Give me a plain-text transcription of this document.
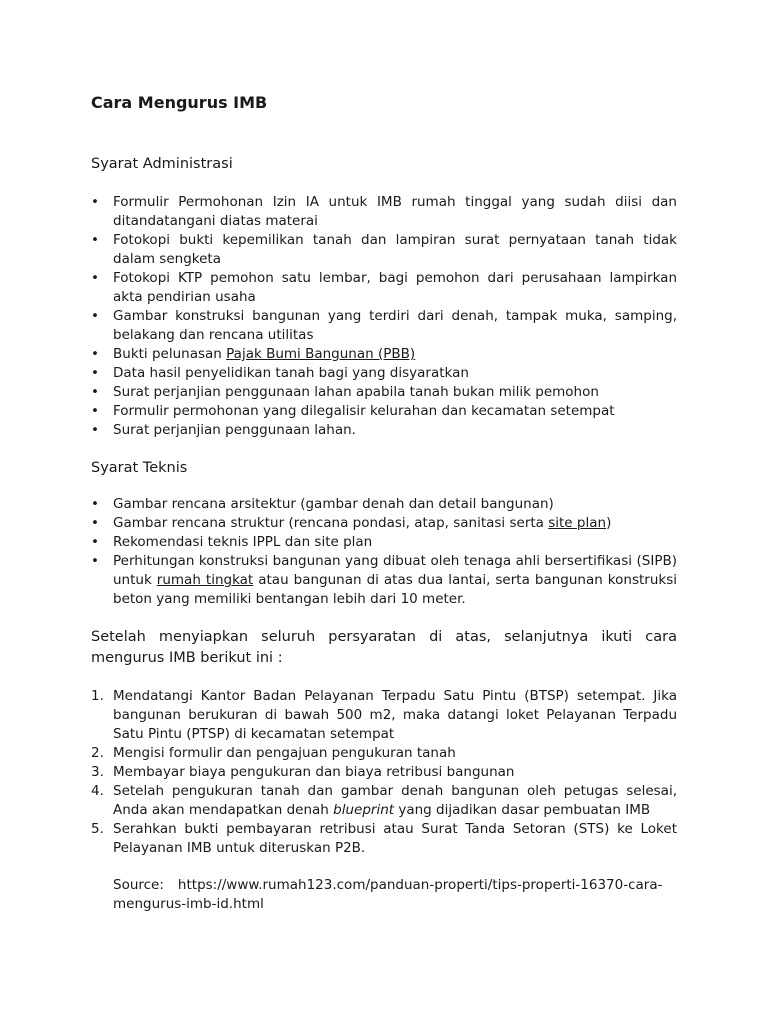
Cara Mengurus IMB
Syarat Administrasi
• Formulir Permohonan Izin IA untuk IMB rumah tinggal yang sudah diisi dan ditandatangani diatas materai
• Fotokopi bukti kepemilikan tanah dan lampiran surat pernyataan tanah tidak dalam sengketa
• Fotokopi KTP pemohon satu lembar, bagi pemohon dari perusahaan lampirkan akta pendirian usaha
• Gambar konstruksi bangunan yang terdiri dari denah, tampak muka, samping, belakang dan rencana utilitas
• Bukti pelunasan Pajak Bumi Bangunan (PBB)
• Data hasil penyelidikan tanah bagi yang disyaratkan
• Surat perjanjian penggunaan lahan apabila tanah bukan milik pemohon
• Formulir permohonan yang dilegalisir kelurahan dan kecamatan setempat
• Surat perjanjian penggunaan lahan.
Syarat Teknis
• Gambar rencana arsitektur (gambar denah dan detail bangunan)
• Gambar rencana struktur (rencana pondasi, atap, sanitasi serta site plan)
• Rekomendasi teknis IPPL dan site plan
• Perhitungan konstruksi bangunan yang dibuat oleh tenaga ahli bersertifikasi (SIPB) untuk rumah tingkat atau bangunan di atas dua lantai, serta bangunan konstruksi beton yang memiliki bentangan lebih dari 10 meter.

Setelah menyiapkan seluruh persyaratan di atas, selanjutnya ikuti cara mengurus IMB berikut ini :

1. Mendatangi Kantor Badan Pelayanan Terpadu Satu Pintu (BTSP) setempat. Jika bangunan berukuran di bawah 500 m2, maka datangi loket Pelayanan Terpadu Satu Pintu (PTSP) di kecamatan setempat
2. Mengisi formulir dan pengajuan pengukuran tanah
3. Membayar biaya pengukuran dan biaya retribusi bangunan
4. Setelah pengukuran tanah dan gambar denah bangunan oleh petugas selesai, Anda akan mendapatkan denah blueprint yang dijadikan dasar pembuatan IMB
5. Serahkan bukti pembayaran retribusi atau Surat Tanda Setoran (STS) ke Loket Pelayanan IMB untuk diteruskan P2B.

Source: https://www.rumah123.com/panduan-properti/tips-properti-16370-cara-mengurus-imb-id.html
